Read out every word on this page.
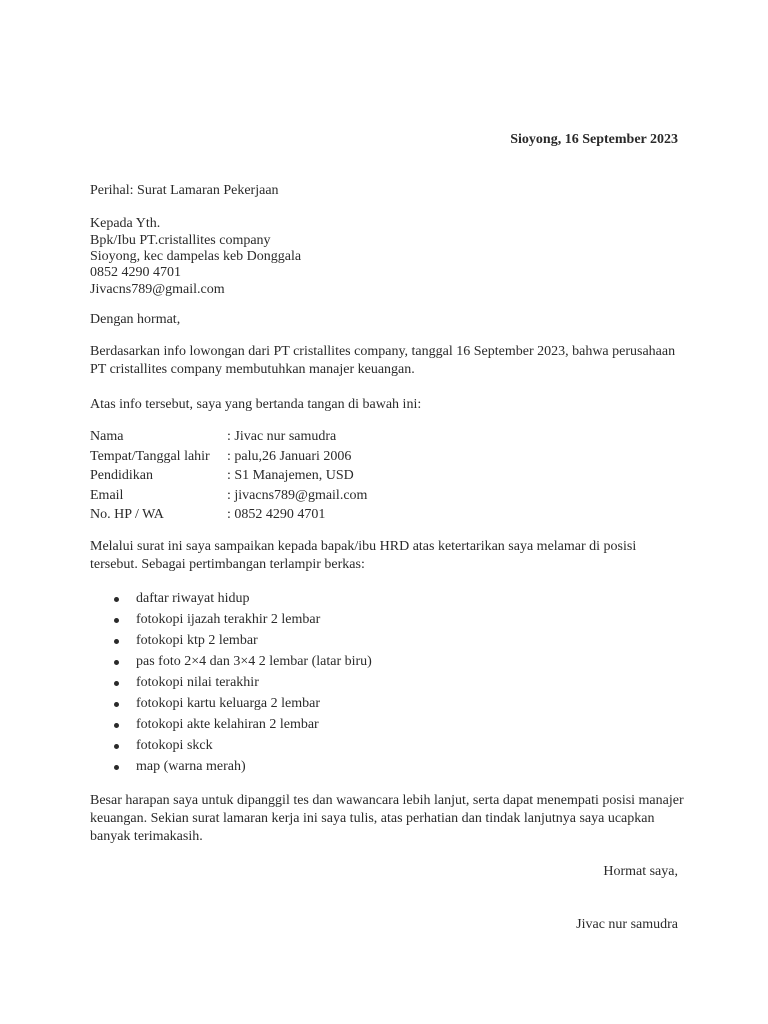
Sioyong, 16 September 2023
Perihal: Surat Lamaran Pekerjaan
Kepada Yth.
Bpk/Ibu PT.cristallites company
Sioyong, kec dampelas keb Donggala
0852 4290 4701
Jivacns789@gmail.com
Dengan hormat,
Berdasarkan info lowongan dari PT cristallites company, tanggal 16 September 2023, bahwa perusahaan PT cristallites company membutuhkan manajer keuangan.
Atas info tersebut, saya yang bertanda tangan di bawah ini:
Nama	: Jivac nur samudra
Tempat/Tanggal lahir : palu,26 Januari 2006
Pendidikan	: S1 Manajemen, USD
Email	: jivacns789@gmail.com
No. HP / WA	: 0852 4290 4701
Melalui surat ini saya sampaikan kepada bapak/ibu HRD atas ketertarikan saya melamar di posisi tersebut. Sebagai pertimbangan terlampir berkas:
daftar riwayat hidup
fotokopi ijazah terakhir 2 lembar
fotokopi ktp 2 lembar
pas foto 2×4 dan 3×4 2 lembar (latar biru)
fotokopi nilai terakhir
fotokopi kartu keluarga 2 lembar
fotokopi akte kelahiran 2 lembar
fotokopi skck
map (warna merah)
Besar harapan saya untuk dipanggil tes dan wawancara lebih lanjut, serta dapat menempati posisi manajer keuangan. Sekian surat lamaran kerja ini saya tulis, atas perhatian dan tindak lanjutnya saya ucapkan banyak terimakasih.
Hormat saya,
Jivac nur samudra
